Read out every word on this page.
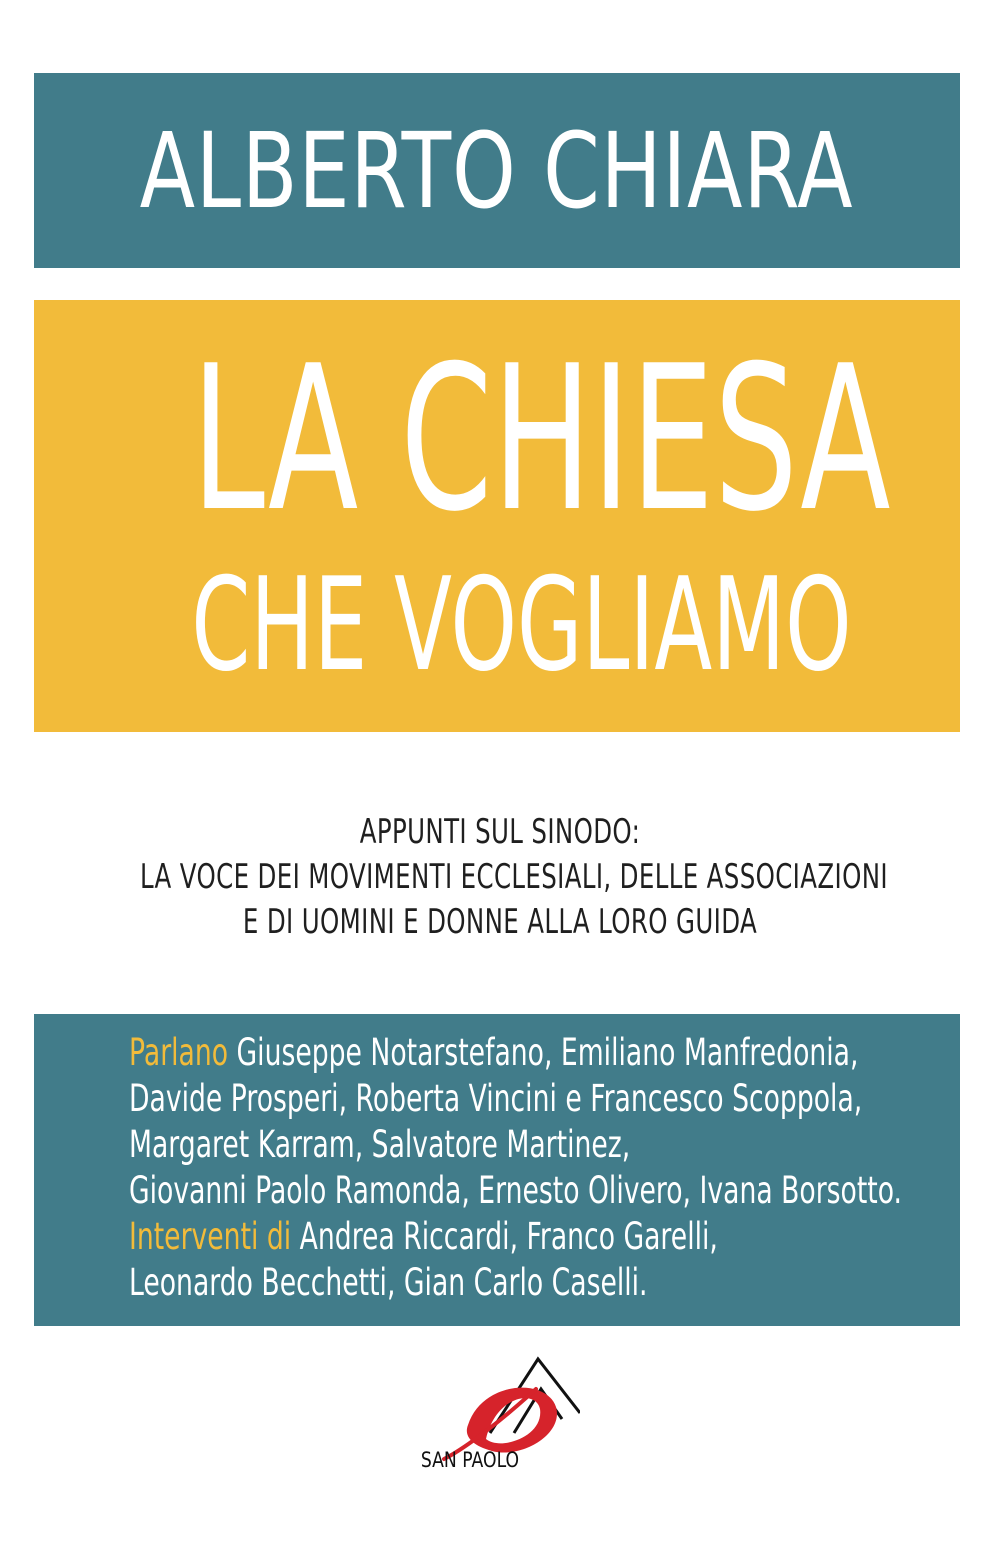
ALBERTO CHIARA
LA CHIESA
CHE VOGLIAMO
APPUNTI SUL SINODO:
LA VOCE DEI MOVIMENTI ECCLESIALI, DELLE ASSOCIAZIONI
E DI UOMINI E DONNE ALLA LORO GUIDA
Parlano Giuseppe Notarstefano, Emiliano Manfredonia,
Davide Prosperi, Roberta Vincini e Francesco Scoppola,
Margaret Karram, Salvatore Martinez,
Giovanni Paolo Ramonda, Ernesto Olivero, Ivana Borsotto.
Interventi di Andrea Riccardi, Franco Garelli,
Leonardo Becchetti, Gian Carlo Caselli.
SAN PAOLO
